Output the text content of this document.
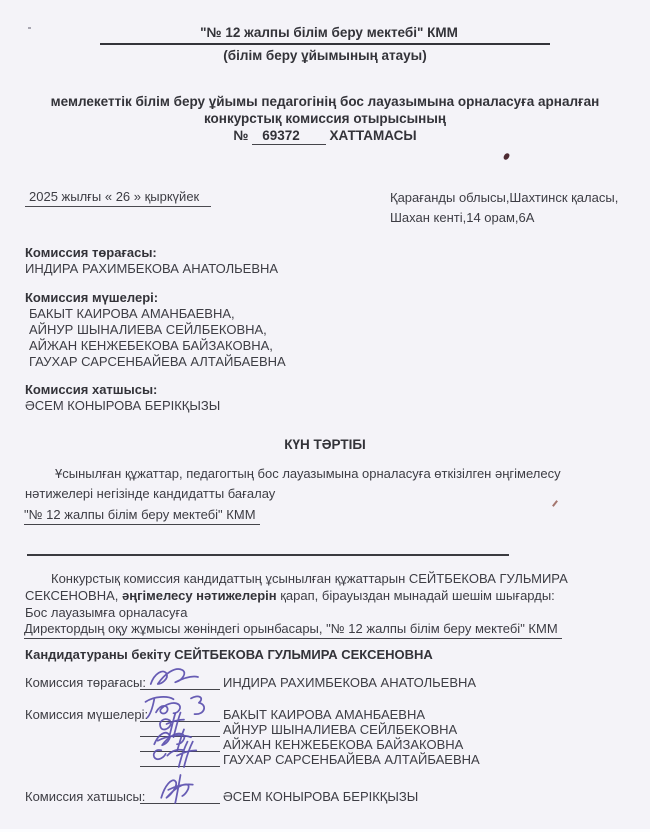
"№ 12 жалпы білім беру мектебі" КММ
(білім беру ұйымының атауы)
мемлекеттік білім беру ұйымы педагогінің бос лауазымына орналасуға арналған
конкурстық комиссия отырысының
№ 69372 ХАТТАМАСЫ
2025 жылғы « 26 » қыркүйек	Қарағанды облысы,Шахтинск қаласы,
Шахан кенті,14 орам,6А
Комиссия төрағасы:
ИНДИРА РАХИМБЕКОВА АНАТОЛЬЕВНА
Комиссия мүшелері:
БАКЫТ КАИРОВА АМАНБАЕВНА,
АЙНУР ШЫНАЛИЕВА СЕЙЛБЕКОВНА,
АЙЖАН КЕНЖЕБЕКОВА БАЙЗАКОВНА,
ГАУХАР САРСЕНБАЙЕВА АЛТАЙБАЕВНА
Комиссия хатшысы:
ӘСЕМ КОНЫРОВА БЕРІКҚЫЗЫ
КҮН ТӘРТІБІ
Ұсынылған құжаттар, педагогтың бос лауазымына орналасуға өткізілген әңгімелесу нәтижелері негізінде кандидатты бағалау
"№ 12 жалпы білім беру мектебі" КММ
Конкурстық комиссия кандидаттың ұсынылған құжаттарын СЕЙТБЕКОВА ГУЛЬМИРА СЕКСЕНОВНА, әңгімелесу нәтижелерін қарап, бірауыздан мынадай шешім шығарды:
Бос лауазымға орналасуға
Директордың оқу жұмысы жөніндегі орынбасары, "№ 12 жалпы білім беру мектебі" КММ
Кандидатураны бекіту СЕЙТБЕКОВА ГУЛЬМИРА СЕКСЕНОВНА
Комиссия төрағасы:	ИНДИРА РАХИМБЕКОВА АНАТОЛЬЕВНА
Комиссия мүшелері:	БАКЫТ КАИРОВА АМАНБАЕВНА
АЙНУР ШЫНАЛИЕВА СЕЙЛБЕКОВНА
АЙЖАН КЕНЖЕБЕКОВА БАЙЗАКОВНА
ГАУХАР САРСЕНБАЙЕВА АЛТАЙБАЕВНА
Комиссия хатшысы:	ӘСЕМ КОНЫРОВА БЕРІКҚЫЗЫ
